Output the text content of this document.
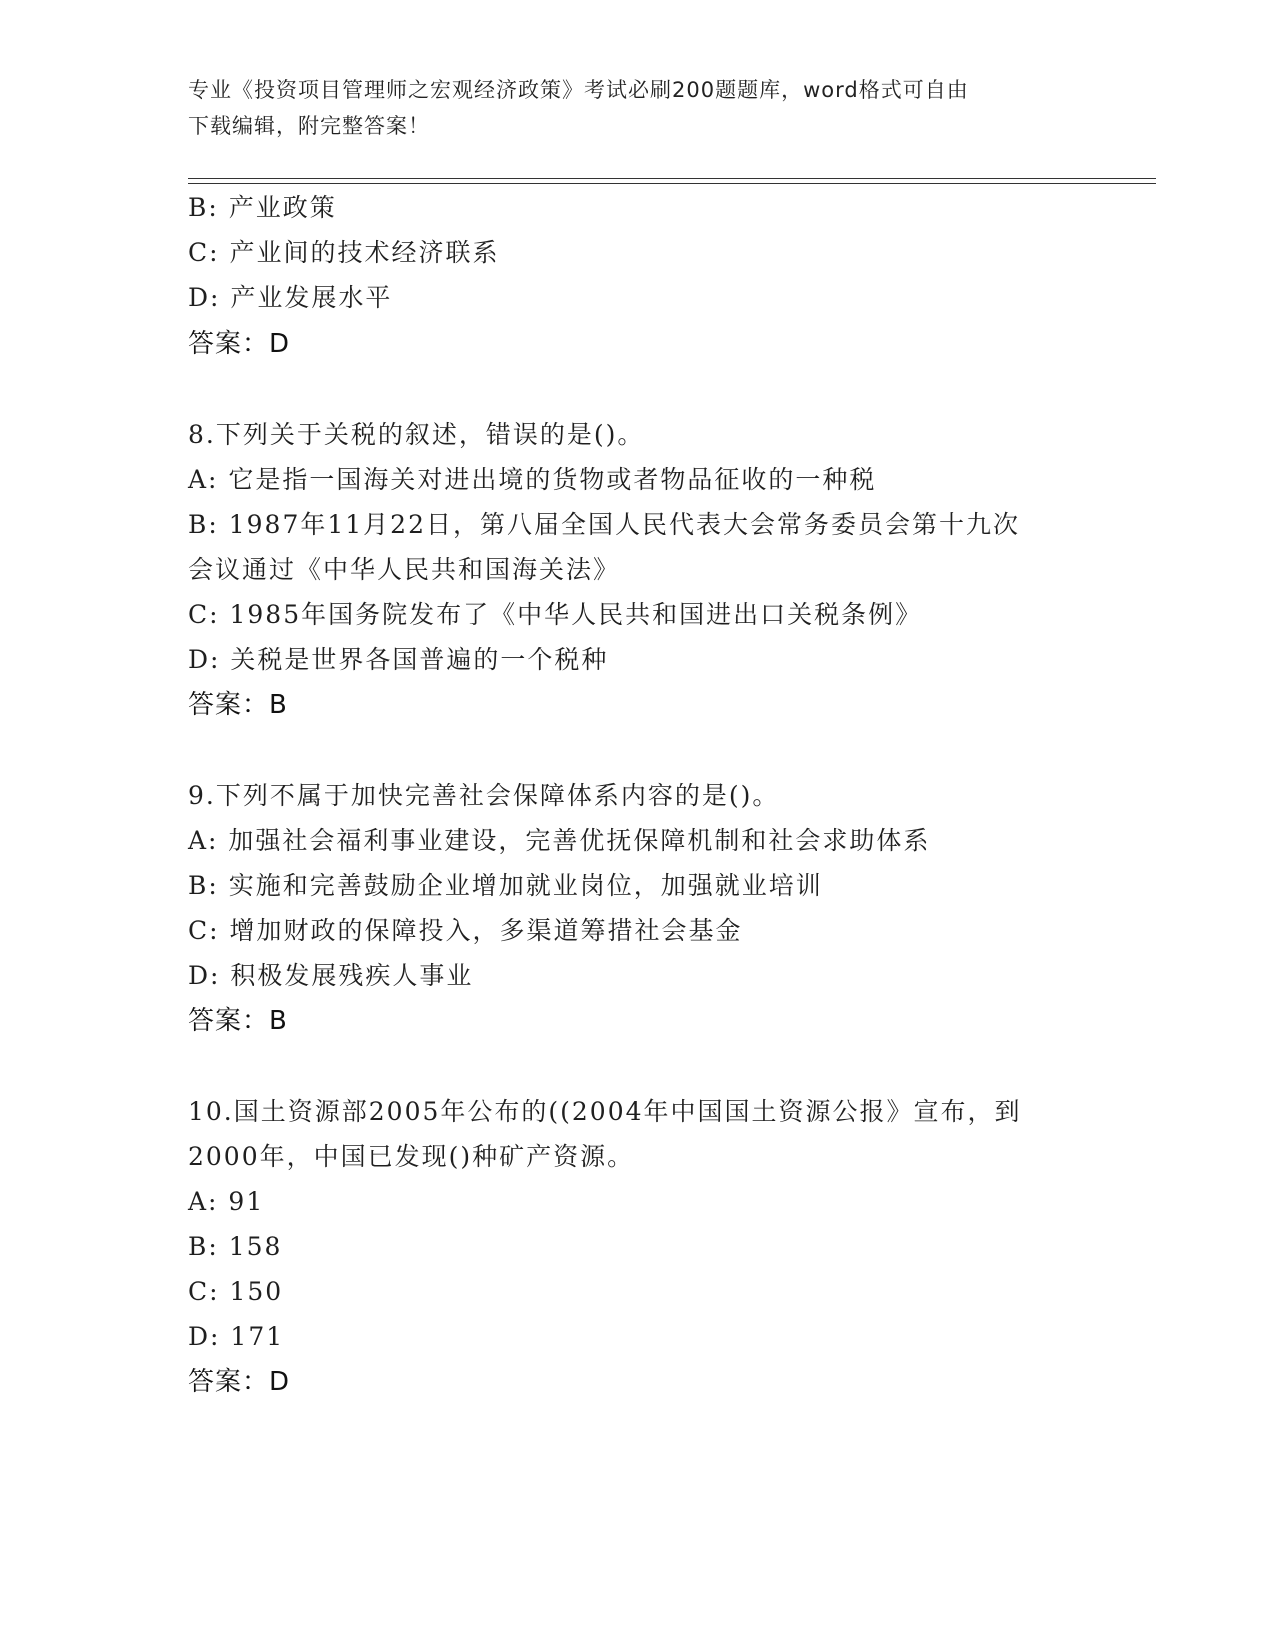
专业《投资项目管理师之宏观经济政策》考试必刷200题题库，word格式可自由
下载编辑，附完整答案！
B: 产业政策
C: 产业间的技术经济联系
D: 产业发展水平
答案：D
8.下列关于关税的叙述，错误的是()。
A: 它是指一国海关对进出境的货物或者物品征收的一种税
B: 1987年11月22日，第八届全国人民代表大会常务委员会第十九次
会议通过《中华人民共和国海关法》
C: 1985年国务院发布了《中华人民共和国进出口关税条例》
D: 关税是世界各国普遍的一个税种
答案：B
9.下列不属于加快完善社会保障体系内容的是()。
A: 加强社会福利事业建设，完善优抚保障机制和社会求助体系
B: 实施和完善鼓励企业增加就业岗位，加强就业培训
C: 增加财政的保障投入，多渠道筹措社会基金
D: 积极发展残疾人事业
答案：B
10.国土资源部2005年公布的((2004年中国国土资源公报》宣布，到
2000年，中国已发现()种矿产资源。
A: 91
B: 158
C: 150
D: 171
答案：D
